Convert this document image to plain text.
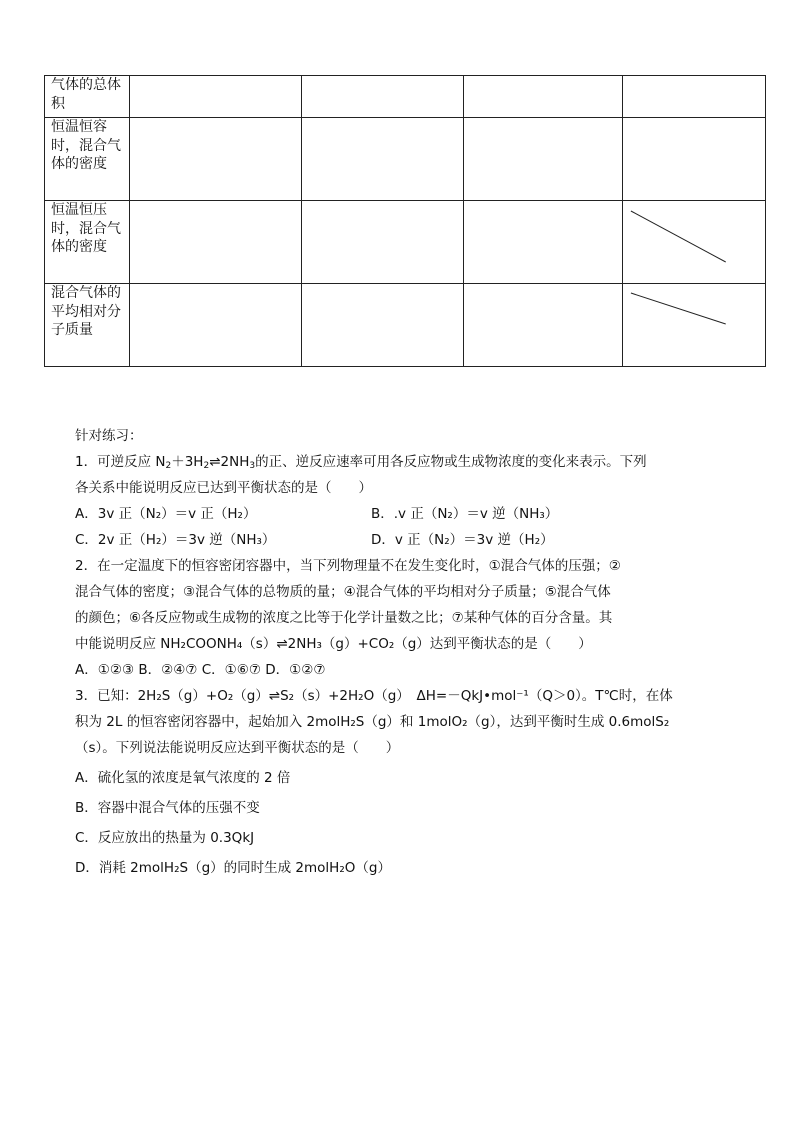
气体的总体积				
恒温恒容时，混合气体的密度				
恒温恒压时，混合气体的密度				

混合气体的平均相对分子质量				

针对练习：

1．可逆反应 $N_2+3H_2\rightleftharpoons 2NH_3$的正、逆反应速率可用各反应物或生成物浓度的变化来表示。下列

各关系中能说明反应已达到平衡状态的是（　　）

A．3v 正（N₂）＝v 正（H₂）	B．.v 正（N₂）＝v 逆（NH₃）

C．2v 正（H₂）＝3v 逆（NH₃）	D．v 正（N₂）＝3v 逆（H₂）

2．在一定温度下的恒容密闭容器中，当下列物理量不在发生变化时，①混合气体的压强；②

混合气体的密度；③混合气体的总物质的量；④混合气体的平均相对分子质量；⑤混合气体

的颜色；⑥各反应物或生成物的浓度之比等于化学计量数之比；⑦某种气体的百分含量。其

中能说明反应 NH₂COONH₄（s）⇌2NH₃（g）+CO₂（g）达到平衡状态的是（　　）

A．①②③ B．②④⑦ C．①⑥⑦ D．①②⑦

3．已知：2H₂S（g）+O₂（g）⇌S₂（s）+2H₂O（g）　ΔH=－QkJ•mol⁻¹（Q＞0）。T℃时，在体

积为 2L 的恒容密闭容器中，起始加入 2molH₂S（g）和 1molO₂（g），达到平衡时生成 0.6molS₂

（s）。下列说法能说明反应达到平衡状态的是（　　）

A．硫化氢的浓度是氧气浓度的 2 倍

B．容器中混合气体的压强不变

C．反应放出的热量为 0.3QkJ

D．消耗 2molH₂S（g）的同时生成 2molH₂O（g）
